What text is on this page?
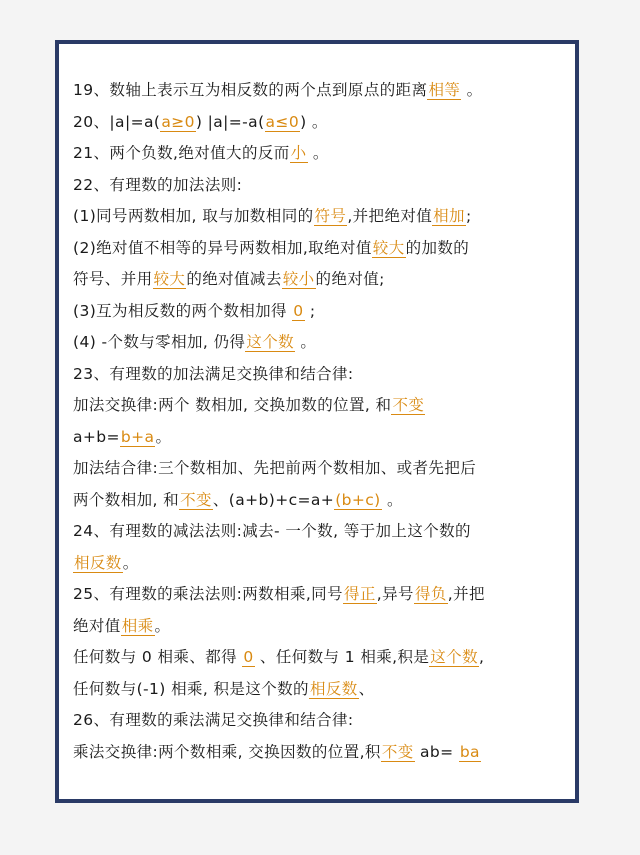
19、数轴上表示互为相反数的两个点到原点的距离相等 。
20、|a|=a(a≥0) |a|=-a(a≤0) 。
21、两个负数,绝对值大的反而小 。
22、有理数的加法法则:
(1)同号两数相加, 取与加数相同的符号,并把绝对值相加;
(2)绝对值不相等的异号两数相加,取绝对值较大的加数的
符号、并用较大的绝对值减去较小的绝对值;
(3)互为相反数的两个数相加得 0 ;
(4) -个数与零相加, 仍得这个数 。
23、有理数的加法满足交换律和结合律:
加法交换律:两个 数相加, 交换加数的位置, 和不变
a+b=b+a。
加法结合律:三个数相加、先把前两个数相加、或者先把后
两个数相加, 和不变、(a+b)+c=a+(b+c) 。
24、有理数的减法法则:减去- 一个数, 等于加上这个数的
相反数。
25、有理数的乘法法则:两数相乘,同号得正,异号得负,并把
绝对值相乘。
任何数与 0 相乘、都得 0 、任何数与 1 相乘,积是这个数,
任何数与(-1) 相乘, 积是这个数的相反数、
26、有理数的乘法满足交换律和结合律:
乘法交换律:两个数相乘, 交换因数的位置,积不变 ab= ba
